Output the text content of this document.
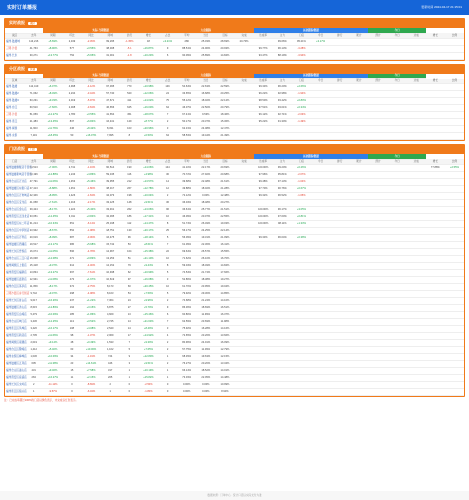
实时订单播报	更新时间 2024-04-17 21:15:01
实时战报	战区
		实际·当期数据						大盘跟踪					拓展跟踪数据						今日				
战区	去年	同期	环比	同比	同城	会员	增长	占比	平均	当日	目标	完成	达成率	主力	门店	今日	排行	累计	预计	今日	达成	增长	比例
福州·鼓楼城	113,216	+5.69%	2,349	-2.45%	99,295	-1.35%	18	+3.21%	280	25.03%	28.69%	20.70%		99.66%	95.21%	+3.17%							
三明·沙县	41,763	+8.90%	577	+3.55%	38,308	-5.1	+16.87%	9	88.51%	24.96%	20.93%		99.77%	96.13%	-3.28%								
福州·长乐	30,271	+13.77%	752	+5.65%	31,001	-1.8	+10.23%	6	90.09%	25.89%	14.84%		93.47%	88.19%	-3.94%								
分区战报	区域
		实际·当期数据						大盘跟踪					拓展跟踪数据						今日				
区域	去年	同期	环比	同比	同城	会员	增长	占比	平均	当日	目标	完成	达成率	主力	门店	今日	排行	累计	预计	今日	达成	增长	比例
福州·鼓楼	112,419	+6.07%	4,998	-4.12%	97,395	770	+10.98%	146	54.64%	22.63%	22.59%		99.33%	96.20%	+2.66%								
福州·鼓楼2	71,062	+8.49%	2,234	-3.44%	57,740	520	+12.06%	24	33.65%	16.68%	20.25%		96.22%	92.98%	-1.94%								
福州·鼓楼3	63,231	+9.33%	2,019	-5.97%	47,671	411	+14.02%	75	55.12%	18.02%	22.12%		98.50%	93.42%	+0.80%								
福州·台江	60,510	+7.66%	2,008	-3.63%	46,656	625	+16.00%	64	46.07%	22.50%	20.79%		97.51%	93.01%	+0.34%								
三明·沙县	51,059	+12.27%	1,780	+3.55%	41,654	451	+18.07%	7	67.41%	9.53%	18.46%		96.12%	92.71%	-2.03%								
福州·连江	21,483	+13.45%	837	+6.84%	16,431	129	+8.77%	2	50.17%	20.37%	15.36%		95.22%	91.30%	-1.49%								
福州·闽侯	11,603	+11.76%	446	+8.42%	8,331	103	+20.96%	3	62.31%	24.08%	12.47%												
福州·永泰	7,119	+18.45%	50	+16.07%	7,995	8	+0.50%	64	58.53%	19.44%	21.49%												
门店战报	门店
		实际·当期数据						大盘跟踪					拓展跟踪数据						今日				
门店	去年	同期	环比	同比	同城	会员	增长	占比	平均	当日	目标	完成	达成率	主力	门店	今日	排行	累计	预计	今日	达成	增长	比例
福州鼓楼旗舰店专营店	74,513	+7.00%	2,741	-1.16%	60,514	190	+14.06%	144	41.10%	22.17%	20.69%		100.00%	99.20%	+0.26%							77.88%	+2.55%
福州鼓楼新城店专营店	73,196	+12.88%	1,243	+4.86%	59,345	116	+4.98%	30	70.72%	27.92%	20.68%		97.96%	95.81%	-2.07%								
福州仓山区万达店	47,791	+11.06%	1,453	+5.46%	39,955	212	+13.57%	14	39.68%	22.48%	21.61%		99.48%	97.13%	-1.04%								
福州鼓楼区东街口店	47,413	+6.88%	1,451	-1.80%	38,317	267	+12.78%	12	49.88%	18.02%	21.28%		97.70%	90.76%	+0.67%								
福州台江区万象城店	42,346	+8.95%	1,426	-1.63%	34,073	198	+10.04%	2	72.12%	0.00%	12.48%		99.32%	96.52%	-1.05%								
福州台江区宝龙店	41,058	+7.61%	1,316	-2.17%	33,125	148	+9.51%	36	36.04%	18.48%	20.27%												
福州仓山区金山店	39,424	+8.17%	1,224	+5.40%	33,461	262	+13.06%	96	36.61%	25.77%	21.51%		100.00%	96.17%	+3.05%								
福州晋安区五四北店	33,051	+12.45%	3,011	+3.84%	32,395	186	+17.31%	10	46.09%	20.07%	22.55%		100.00%	97.60%	+0.81%								
福州晋安区东二环店	31,214	+10.34%	651	-6.11%	25,198	112	+14.47%	8	51.74%	26.49%	19.03%		100.00%	98.11%	+1.33%								
福州台江区中亭街店	23,932	+8.67%	552	-1.08%	18,751	130	+20.17%	25	56.17%	24.25%	22.14%												
福州仓山区万科店	20,619	+8.09%	687	-3.06%	16,475	96	+18.14%	5	56.09%	19.31%	21.09%		99.33%	96.04%	+0.38%								
福州鼓楼区西湖店	19,517	+13.17%	386	+5.68%	15,742	53	+8.61%	7	61.09%	22.36%	16.41%												
福州长乐区吾悦店	16,074	+11.05%	596	-4.78%	12,967	104	+15.38%	22	69.64%	26.57%	15.55%												
福州仓山区三江口店	16,038	+12.08%	471	+0.83%	13,253	51	+21.10%	10	71.62%	26.10%	16.70%												
福州闽侯区上街店	15,418	+9.37%	312	-4.46%	12,152	79	+9.44%	8	59.04%	18.49%	14.84%												
福州晋安区福新店	13,834	+13.27%	397	-7.61%	10,938	62	+10.99%	5	74.54%	21.74%	17.66%												
福州鼓楼区温泉店	12,931	+11.08%	473	+1.67%	10,619	97	+16.08%	3	52.86%	18.38%	19.27%												
福州台江区茶亭店	11,059	+8.17%	372	-2.75%	8,173	60	+20.45%	10	61.70%	23.95%	19.04%												
三明沙县区步行街店	9,742	+9.07%	298	-4.08%	8,163	54	+7.59%	5	79.92%	29.30%	14.85%												
福州长乐区首占店	9,017	+16.26%	237	+1.22%	7,364	24	+9.96%	2	74.68%	21.24%	14.10%												
福州鼓楼区洪山店	8,615	+12.89%	194	+3.15%	6,875	27	+5.79%	9	86.36%	18.69%	16.51%												
福州晋安区岳峰店	5,479	+10.09%	185	+1.86%	4,669	13	+15.46%	6	60.80%	11.99%	16.37%												
福州仓山区城门店	3,436	+12.25%	113	+3.52%	2,745	14	+21.63%	7	62.59%	23.69%	11.98%												
福州连江区凤城店	3,420	+16.17%	108	+4.08%	2,540	14	+8.49%	3	75.92%	16.28%	14.16%												
福州晋安区新店店	2,705	+11.66%	98	-1.37%	2,069	17	+14.92%	4	72.65%	23.26%	13.66%												
福州闽侯区南通店	2,019	+9.14%	48	+0.49%	1,533	7	+9.39%	2	80.96%	24.91%	16.09%												
福州台江区鳌峰店	1,412	+5.40%	63	+10.06%	1,162	5	+7.65%	2	57.75%	11.09%	12.79%												
福州永泰区樟城店	1,036	+10.09%	34	-1.19%	724	9	+12.80%	1	68.39%	19.63%	12.15%												
福州鼓楼区五凤店	605	+11.38%	23	+14.61%	446	3	+9.51%	2	76.27%	20.20%	13.34%												
福州仓山区盖山店	431	+9.46%	15	+7.58%	317	1	+10.19%	1	66.14%	18.52%	14.01%												
福州晋安区宦溪店	263	+16.27%	11	+2.15%	205	1	+15.82%	1	73.03%	22.05%	14.48%												
福州长乐区文岭店	2	-11.11%	0	-8.69%	2	0	-2.50%	0	0.00%	0.00%	10.99%												
福州连江区琯头店	1	-9.57%	0	-6.43%	1	0	-1.80%	0	0.00%	0.00%	8.93%												
注：已完成率超过100%的门店以绿色表示，未完成以红色表示。
数据来源：订单中心 · 统计口径以实际支付为准
